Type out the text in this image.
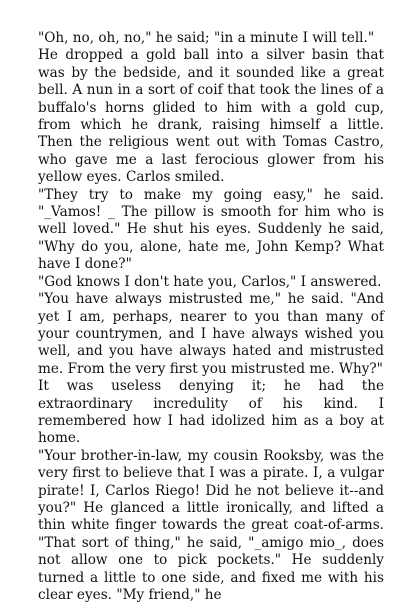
"Oh, no, oh, no," he said; "in a minute I will tell."

He dropped a gold ball into a silver basin that was by the bedside, and it sounded like a great bell. A nun in a sort of coif that took the lines of a buffalo's horns glided to him with a gold cup, from which he drank, raising himself a little. Then the religious went out with Tomas Castro, who gave me a last ferocious glower from his yellow eyes. Carlos smiled.

"They try to make my going easy," he said. "_Vamos! _ The pillow is smooth for him who is well loved." He shut his eyes. Suddenly he said, "Why do you, alone, hate me, John Kemp? What have I done?"

"God knows I don't hate you, Carlos," I answered.

"You have always mistrusted me," he said. "And yet I am, perhaps, nearer to you than many of your countrymen, and I have always wished you well, and you have always hated and mistrusted me. From the very first you mistrusted me. Why?"

It was useless denying it; he had the extraordinary incredulity of his kind. I remembered how I had idolized him as a boy at home.

"Your brother-in-law, my cousin Rooksby, was the very first to believe that I was a pirate. I, a vulgar pirate! I, Carlos Riego! Did he not believe it--and you?" He glanced a little ironically, and lifted a thin white finger towards the great coat-of-arms. "That sort of thing," he said, "_amigo mio_, does not allow one to pick pockets." He suddenly turned a little to one side, and fixed me with his clear eyes. "My friend," he
